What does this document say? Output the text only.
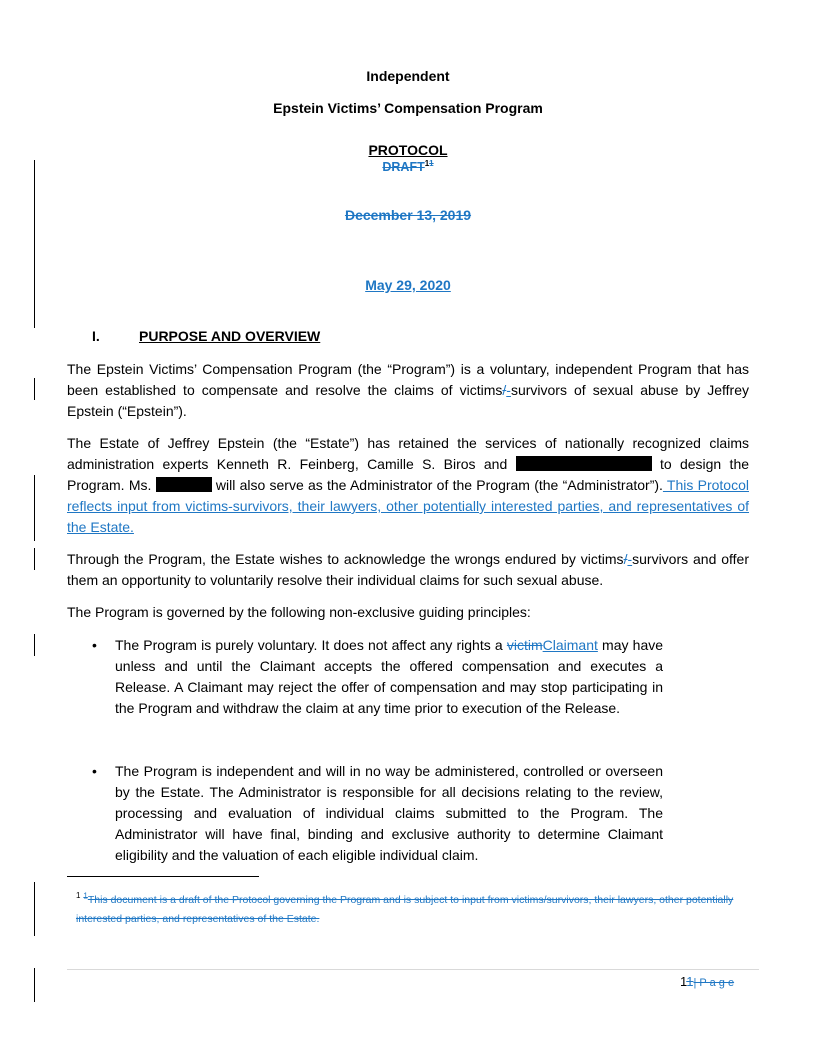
Independent
Epstein Victims’ Compensation Program
PROTOCOL
DRAFT$^{11}$
December 13, 2019
May 29, 2020
I.	PURPOSE AND OVERVIEW
The Epstein Victims’ Compensation Program (the “Program”) is a voluntary, independent Program that has been established to compensate and resolve the claims of victims/-survivors of sexual abuse by Jeffrey Epstein (“Epstein”).
The Estate of Jeffrey Epstein (the “Estate”) has retained the services of nationally recognized claims administration experts Kenneth R. Feinberg, Camille S. Biros and	to design the Program. Ms.	will also serve as the Administrator of the Program (the “Administrator”). This Protocol reflects input from victims-survivors, their lawyers, other potentially interested parties, and representatives of the Estate.
Through the Program, the Estate wishes to acknowledge the wrongs endured by victims/-survivors and offer them an opportunity to voluntarily resolve their individual claims for such sexual abuse.
The Program is governed by the following non-exclusive guiding principles:
• The Program is purely voluntary. It does not affect any rights a victimClaimant may have unless and until the Claimant accepts the offered compensation and executes a Release. A Claimant may reject the offer of compensation and may stop participating in the Program and withdraw the claim at any time prior to execution of the Release.
• The Program is independent and will in no way be administered, controlled or overseen by the Estate. The Administrator is responsible for all decisions relating to the review, processing and evaluation of individual claims submitted to the Program. The Administrator will have final, binding and exclusive authority to determine Claimant eligibility and the valuation of each eligible individual claim.
$^1$ $^1$This document is a draft of the Protocol governing the Program and is subject to input from victims/survivors, their lawyers, other potentially interested parties, and representatives of the Estate.
11| P a g e
